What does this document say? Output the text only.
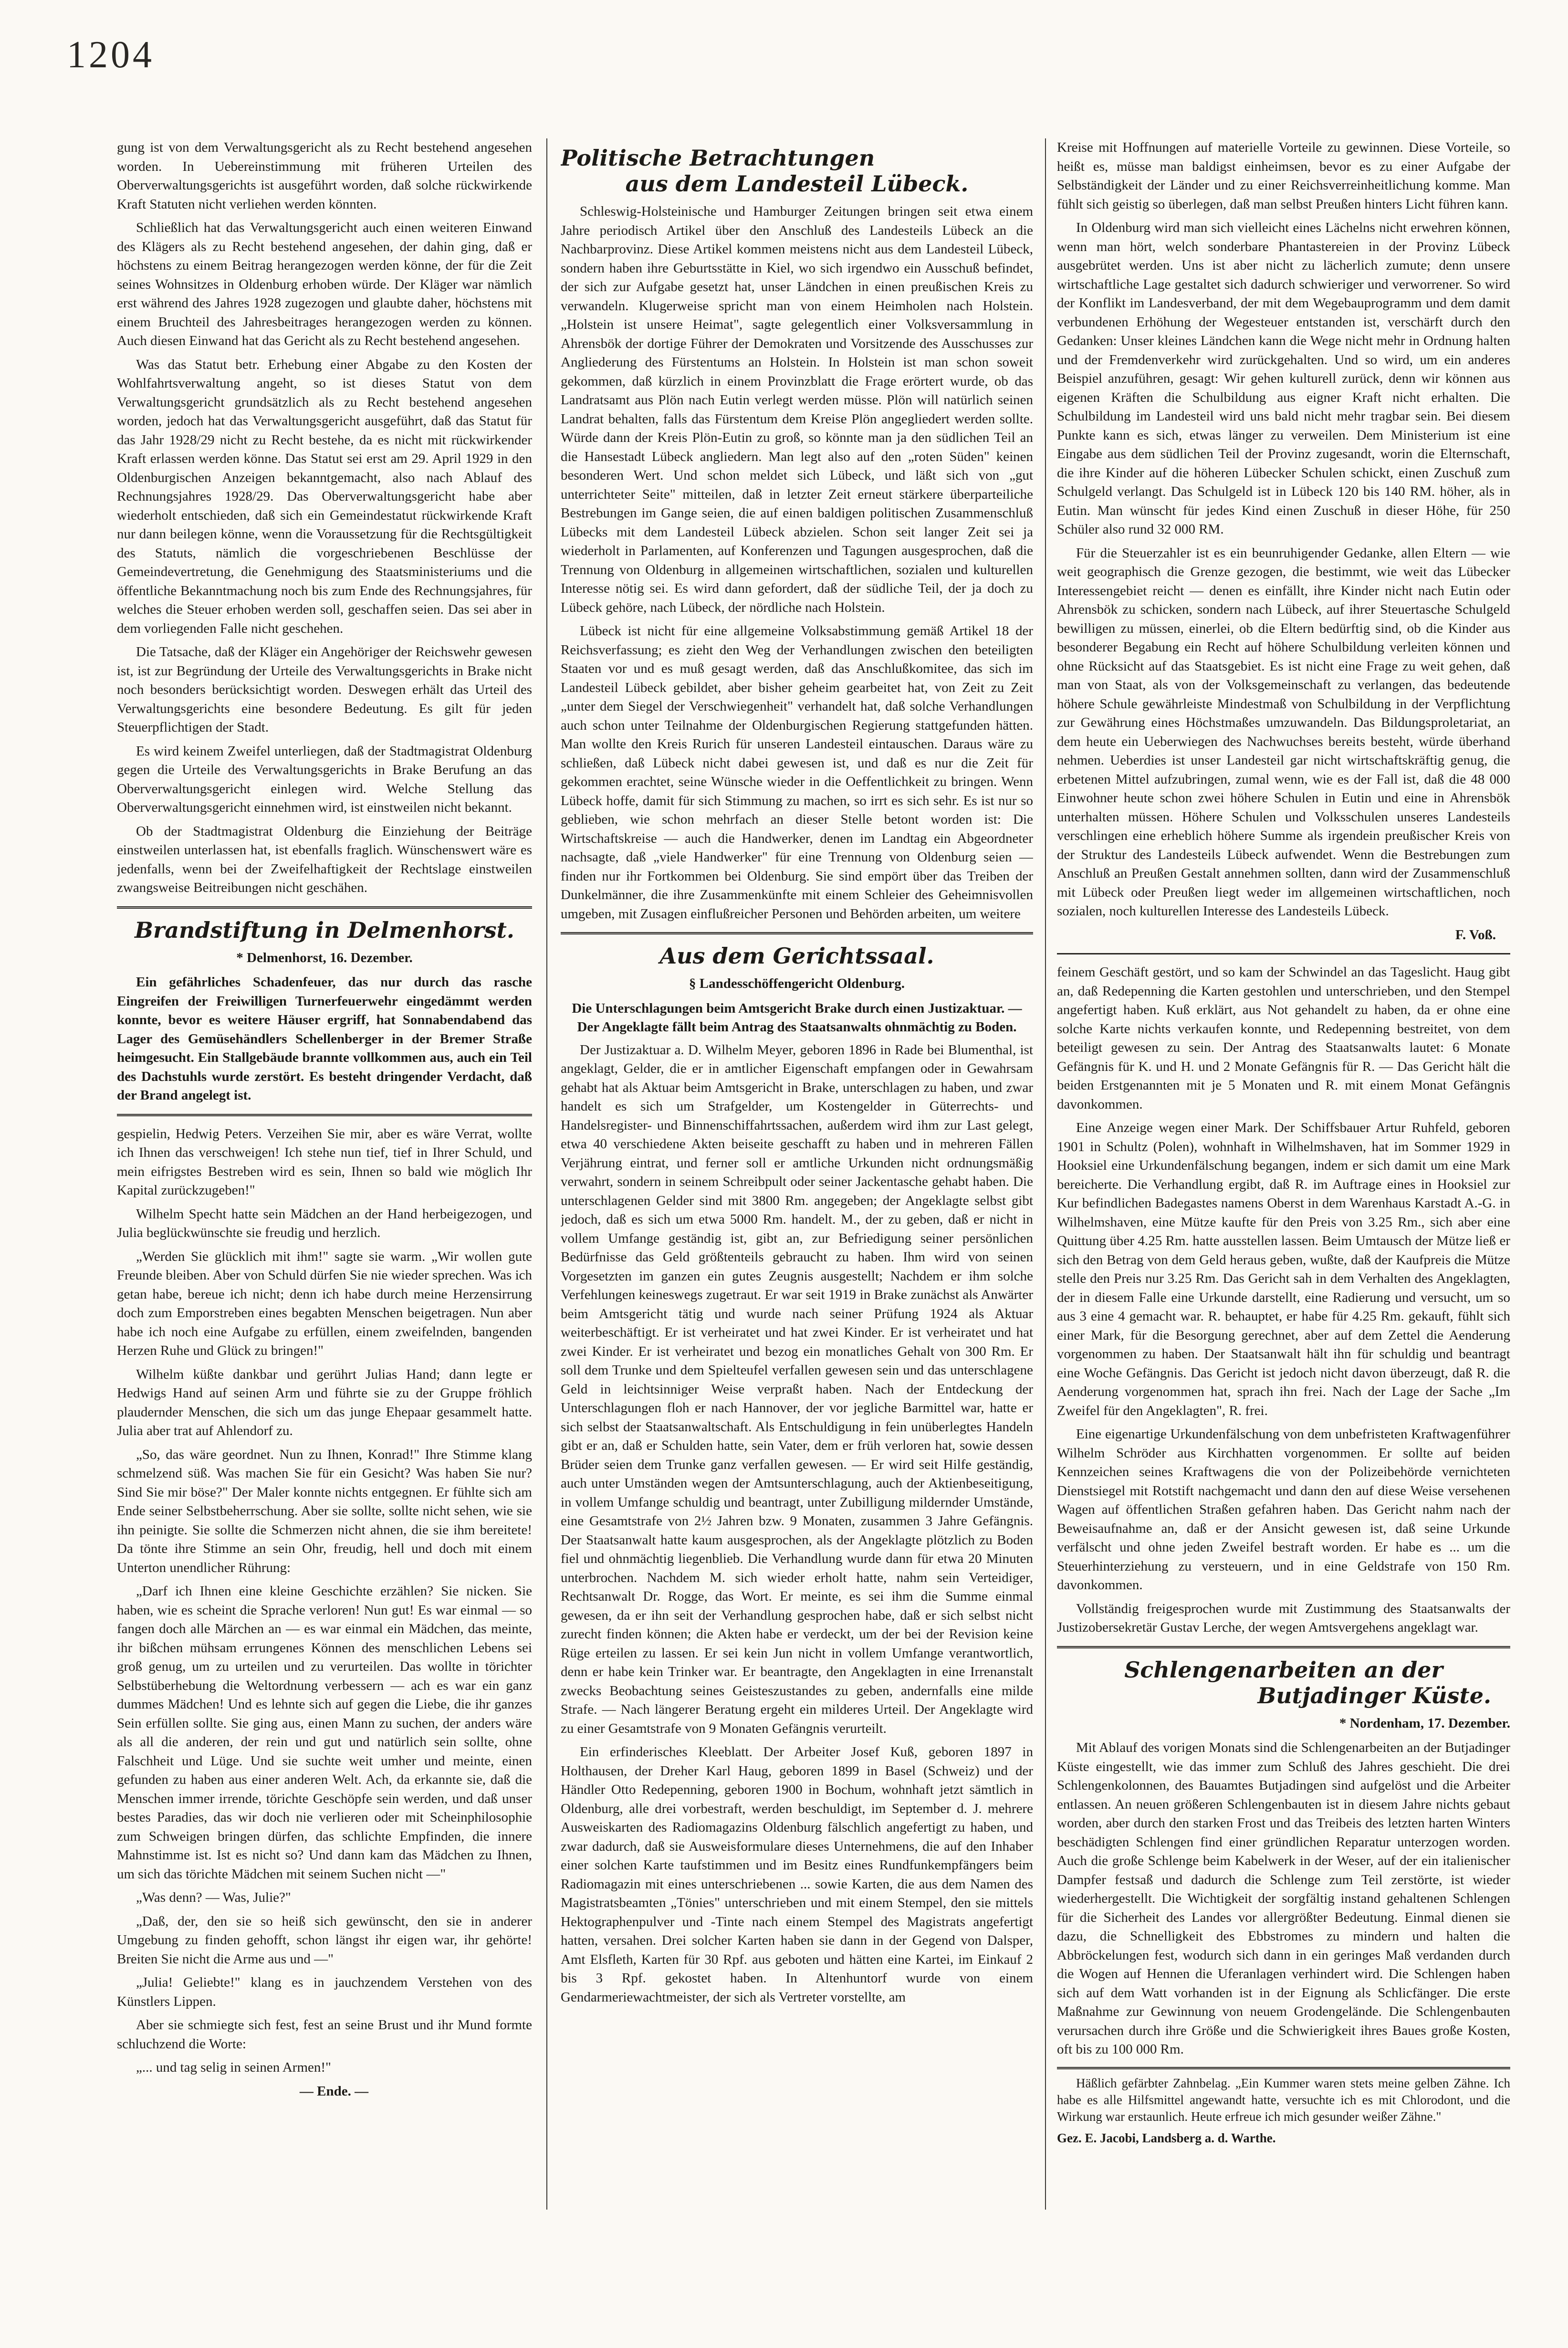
1204

gung ist von dem Verwaltungsgericht als zu Recht bestehend angesehen worden. In Uebereinstimmung mit früheren Urteilen des Oberverwaltungsgerichts ist ausgeführt worden, daß solche rückwirkende Kraft Statuten nicht verliehen werden könnten.

Schließlich hat das Verwaltungsgericht auch einen weiteren Einwand des Klägers als zu Recht bestehend angesehen, der dahin ging, daß er höchstens zu einem Beitrag herangezogen werden könne, der für die Zeit seines Wohnsitzes in Oldenburg erhoben würde. Der Kläger war nämlich erst während des Jahres 1928 zugezogen und glaubte daher, höchstens mit einem Bruchteil des Jahresbeitrages herangezogen werden zu können. Auch diesen Einwand hat das Gericht als zu Recht bestehend angesehen.

Was das Statut betr. Erhebung einer Abgabe zu den Kosten der Wohlfahrtsverwaltung angeht, so ist dieses Statut von dem Verwaltungsgericht grundsätzlich als zu Recht bestehend angesehen worden, jedoch hat das Verwaltungsgericht ausgeführt, daß das Statut für das Jahr 1928/29 nicht zu Recht bestehe, da es nicht mit rückwirkender Kraft erlassen werden könne. Das Statut sei erst am 29. April 1929 in den Oldenburgischen Anzeigen bekanntgemacht, also nach Ablauf des Rechnungsjahres 1928/29. Das Oberverwaltungsgericht habe aber wiederholt entschieden, daß sich ein Gemeindestatut rückwirkende Kraft nur dann beilegen könne, wenn die Voraussetzung für die Rechtsgültigkeit des Statuts, nämlich die vorgeschriebenen Beschlüsse der Gemeindevertretung, die Genehmigung des Staatsministeriums und die öffentliche Bekanntmachung noch bis zum Ende des Rechnungsjahres, für welches die Steuer erhoben werden soll, geschaffen seien. Das sei aber in dem vorliegenden Falle nicht geschehen.

Die Tatsache, daß der Kläger ein Angehöriger der Reichswehr gewesen ist, ist zur Begründung der Urteile des Verwaltungsgerichts in Brake nicht noch besonders berücksichtigt worden. Deswegen erhält das Urteil des Verwaltungsgerichts eine besondere Bedeutung. Es gilt für jeden Steuerpflichtigen der Stadt.

Es wird keinem Zweifel unterliegen, daß der Stadtmagistrat Oldenburg gegen die Urteile des Verwaltungsgerichts in Brake Berufung an das Oberverwaltungsgericht einlegen wird. Welche Stellung das Oberverwaltungsgericht einnehmen wird, ist einstweilen nicht bekannt.

Ob der Stadtmagistrat Oldenburg die Einziehung der Beiträge einstweilen unterlassen hat, ist ebenfalls fraglich. Wünschenswert wäre es jedenfalls, wenn bei der Zweifelhaftigkeit der Rechtslage einstweilen zwangsweise Beitreibungen nicht geschähen.

Brandstiftung in Delmenhorst.
* Delmenhorst, 16. Dezember.

Ein gefährliches Schadenfeuer, das nur durch das rasche Eingreifen der Freiwilligen Turnerfeuerwehr eingedämmt werden konnte, bevor es weitere Häuser ergriff, hat Sonnabendabend das Lager des Gemüsehändlers Schellenberger in der Bremer Straße heimgesucht. Ein Stallgebäude brannte vollkommen aus, auch ein Teil des Dachstuhls wurde zerstört. Es besteht dringender Verdacht, daß der Brand angelegt ist.

gespielin, Hedwig Peters. Verzeihen Sie mir, aber es wäre Verrat, wollte ich Ihnen das verschweigen! Ich stehe nun tief, tief in Ihrer Schuld, und mein eifrigstes Bestreben wird es sein, Ihnen so bald wie möglich Ihr Kapital zurückzugeben!"

Wilhelm Specht hatte sein Mädchen an der Hand herbeigezogen, und Julia beglückwünschte sie freudig und herzlich.

„Werden Sie glücklich mit ihm!" sagte sie warm. „Wir wollen gute Freunde bleiben. Aber von Schuld dürfen Sie nie wieder sprechen. Was ich getan habe, bereue ich nicht; denn ich habe durch meine Herzensirrung doch zum Emporstreben eines begabten Menschen beigetragen. Nun aber habe ich noch eine Aufgabe zu erfüllen, einem zweifelnden, bangenden Herzen Ruhe und Glück zu bringen!"

Wilhelm küßte dankbar und gerührt Julias Hand; dann legte er Hedwigs Hand auf seinen Arm und führte sie zu der Gruppe fröhlich plaudernder Menschen, die sich um das junge Ehepaar gesammelt hatte. Julia aber trat auf Ahlendorf zu.

„So, das wäre geordnet. Nun zu Ihnen, Konrad!" Ihre Stimme klang schmelzend süß. Was machen Sie für ein Gesicht? Was haben Sie nur? Sind Sie mir böse?" Der Maler konnte nichts entgegnen. Er fühlte sich am Ende seiner Selbstbeherrschung. Aber sie sollte, sollte nicht sehen, wie sie ihn peinigte. Sie sollte die Schmerzen nicht ahnen, die sie ihm bereitete! Da tönte ihre Stimme an sein Ohr, freudig, hell und doch mit einem Unterton unendlicher Rührung:

„Darf ich Ihnen eine kleine Geschichte erzählen? Sie nicken. Sie haben, wie es scheint die Sprache verloren! Nun gut! Es war einmal — so fangen doch alle Märchen an — es war einmal ein Mädchen, das meinte, ihr bißchen mühsam errungenes Können des menschlichen Lebens sei groß genug, um zu urteilen und zu verurteilen. Das wollte in törichter Selbstüberhebung die Weltordnung verbessern — ach es war ein ganz dummes Mädchen! Und es lehnte sich auf gegen die Liebe, die ihr ganzes Sein erfüllen sollte. Sie ging aus, einen Mann zu suchen, der anders wäre als all die anderen, der rein und gut und natürlich sein sollte, ohne Falschheit und Lüge. Und sie suchte weit umher und meinte, einen gefunden zu haben aus einer anderen Welt. Ach, da erkannte sie, daß die Menschen immer irrende, törichte Geschöpfe sein werden, und daß unser bestes Paradies, das wir doch nie verlieren oder mit Scheinphilosophie zum Schweigen bringen dürfen, das schlichte Empfinden, die innere Mahnstimme ist. Ist es nicht so? Und dann kam das Mädchen zu Ihnen, um sich das törichte Mädchen mit seinem Suchen nicht —"

„Was denn? — Was, Julie?"

„Daß, der, den sie so heiß sich gewünscht, den sie in anderer Umgebung zu finden gehofft, schon längst ihr eigen war, ihr gehörte! Breiten Sie nicht die Arme aus und —"

„Julia! Geliebte!" klang es in jauchzendem Verstehen von des Künstlers Lippen.

Aber sie schmiegte sich fest, fest an seine Brust und ihr Mund formte schluchzend die Worte:

„... und tag selig in seinen Armen!"

— Ende. —

Politische Betrachtungen
aus dem Landesteil Lübeck.

Schleswig-Holsteinische und Hamburger Zeitungen bringen seit etwa einem Jahre periodisch Artikel über den Anschluß des Landesteils Lübeck an die Nachbarprovinz. Diese Artikel kommen meistens nicht aus dem Landesteil Lübeck, sondern haben ihre Geburtsstätte in Kiel, wo sich irgendwo ein Ausschuß befindet, der sich zur Aufgabe gesetzt hat, unser Ländchen in einen preußischen Kreis zu verwandeln. Klugerweise spricht man von einem Heimholen nach Holstein. „Holstein ist unsere Heimat", sagte gelegentlich einer Volksversammlung in Ahrensbök der dortige Führer der Demokraten und Vorsitzende des Ausschusses zur Angliederung des Fürstentums an Holstein. In Holstein ist man schon soweit gekommen, daß kürzlich in einem Provinzblatt die Frage erörtert wurde, ob das Landratsamt aus Plön nach Eutin verlegt werden müsse. Plön will natürlich seinen Landrat behalten, falls das Fürstentum dem Kreise Plön angegliedert werden sollte. Würde dann der Kreis Plön-Eutin zu groß, so könnte man ja den südlichen Teil an die Hansestadt Lübeck angliedern. Man legt also auf den „roten Süden" keinen besonderen Wert. Und schon meldet sich Lübeck, und läßt sich von „gut unterrichteter Seite" mitteilen, daß in letzter Zeit erneut stärkere überparteiliche Bestrebungen im Gange seien, die auf einen baldigen politischen Zusammenschluß Lübecks mit dem Landesteil Lübeck abzielen. Schon seit langer Zeit sei ja wiederholt in Parlamenten, auf Konferenzen und Tagungen ausgesprochen, daß die Trennung von Oldenburg in allgemeinen wirtschaftlichen, sozialen und kulturellen Interesse nötig sei. Es wird dann gefordert, daß der südliche Teil, der ja doch zu Lübeck gehöre, nach Lübeck, der nördliche nach Holstein.

Lübeck ist nicht für eine allgemeine Volksabstimmung gemäß Artikel 18 der Reichsverfassung; es zieht den Weg der Verhandlungen zwischen den beteiligten Staaten vor und es muß gesagt werden, daß das Anschlußkomitee, das sich im Landesteil Lübeck gebildet, aber bisher geheim gearbeitet hat, von Zeit zu Zeit „unter dem Siegel der Verschwiegenheit" verhandelt hat, daß solche Verhandlungen auch schon unter Teilnahme der Oldenburgischen Regierung stattgefunden hätten. Man wollte den Kreis Rurich für unseren Landesteil eintauschen. Daraus wäre zu schließen, daß Lübeck nicht dabei gewesen ist, und daß es nur die Zeit für gekommen erachtet, seine Wünsche wieder in die Oeffentlichkeit zu bringen. Wenn Lübeck hoffe, damit für sich Stimmung zu machen, so irrt es sich sehr. Es ist nur so geblieben, wie schon mehrfach an dieser Stelle betont worden ist: Die Wirtschaftskreise — auch die Handwerker, denen im Landtag ein Abgeordneter nachsagte, daß „viele Handwerker" für eine Trennung von Oldenburg seien — finden nur ihr Fortkommen bei Oldenburg. Sie sind empört über das Treiben der Dunkelmänner, die ihre Zusammenkünfte mit einem Schleier des Geheimnisvollen umgeben, mit Zusagen einflußreicher Personen und Behörden arbeiten, um weitere

Aus dem Gerichtssaal.
§ Landesschöffengericht Oldenburg.
Die Unterschlagungen beim Amtsgericht Brake durch einen Justizaktuar. — Der Angeklagte fällt beim Antrag des Staatsanwalts ohnmächtig zu Boden.

Der Justizaktuar a. D. Wilhelm Meyer, geboren 1896 in Rade bei Blumenthal, ist angeklagt, Gelder, die er in amtlicher Eigenschaft empfangen oder in Gewahrsam gehabt hat als Aktuar beim Amtsgericht in Brake, unterschlagen zu haben, und zwar handelt es sich um Strafgelder, um Kostengelder in Güterrechts- und Handelsregister- und Binnenschiffahrtssachen, außerdem wird ihm zur Last gelegt, etwa 40 verschiedene Akten beiseite geschafft zu haben und in mehreren Fällen Verjährung eintrat, und ferner soll er amtliche Urkunden nicht ordnungsmäßig verwahrt, sondern in seinem Schreibpult oder seiner Jackentasche gehabt haben. Die unterschlagenen Gelder sind mit 3800 Rm. angegeben; der Angeklagte selbst gibt jedoch, daß es sich um etwa 5000 Rm. handelt. M., der zu geben, daß er nicht in vollem Umfange geständig ist, gibt an, zur Befriedigung seiner persönlichen Bedürfnisse das Geld größtenteils gebraucht zu haben. Ihm wird von seinen Vorgesetzten im ganzen ein gutes Zeugnis ausgestellt; Nachdem er ihm solche Verfehlungen keineswegs zugetraut. Er war seit 1919 in Brake zunächst als Anwärter beim Amtsgericht tätig und wurde nach seiner Prüfung 1924 als Aktuar weiterbeschäftigt. Er ist verheiratet und hat zwei Kinder. Er ist verheiratet und hat zwei Kinder. Er ist verheiratet und bezog ein monatliches Gehalt von 300 Rm. Er soll dem Trunke und dem Spielteufel verfallen gewesen sein und das unterschlagene Geld in leichtsinniger Weise verpraßt haben. Nach der Entdeckung der Unterschlagungen floh er nach Hannover, der vor jegliche Barmittel war, hatte er sich selbst der Staatsanwaltschaft. Als Entschuldigung in fein unüberlegtes Handeln gibt er an, daß er Schulden hatte, sein Vater, dem er früh verloren hat, sowie dessen Brüder seien dem Trunke ganz verfallen gewesen. — Er wird seit Hilfe geständig, auch unter Umständen wegen der Amtsunterschlagung, auch der Aktienbeseitigung, in vollem Umfange schuldig und beantragt, unter Zubilligung mildernder Umstände, eine Gesamtstrafe von 2½ Jahren bzw. 9 Monaten, zusammen 3 Jahre Gefängnis. Der Staatsanwalt hatte kaum ausgesprochen, als der Angeklagte plötzlich zu Boden fiel und ohnmächtig liegenblieb. Die Verhandlung wurde dann für etwa 20 Minuten unterbrochen. Nachdem M. sich wieder erholt hatte, nahm sein Verteidiger, Rechtsanwalt Dr. Rogge, das Wort. Er meinte, es sei ihm die Summe einmal gewesen, da er ihn seit der Verhandlung gesprochen habe, daß er sich selbst nicht zurecht finden können; die Akten habe er verdeckt, um der bei der Revision keine Rüge erteilen zu lassen. Er sei kein Jun nicht in vollem Umfange verantwortlich, denn er habe kein Trinker war. Er beantragte, den Angeklagten in eine Irrenanstalt zwecks Beobachtung seines Geisteszustandes zu geben, andernfalls eine milde Strafe. — Nach längerer Beratung ergeht ein milderes Urteil. Der Angeklagte wird zu einer Gesamtstrafe von 9 Monaten Gefängnis verurteilt.

Ein erfinderisches Kleeblatt. Der Arbeiter Josef Kuß, geboren 1897 in Holthausen, der Dreher Karl Haug, geboren 1899 in Basel (Schweiz) und der Händler Otto Redepenning, geboren 1900 in Bochum, wohnhaft jetzt sämtlich in Oldenburg, alle drei vorbestraft, werden beschuldigt, im September d. J. mehrere Ausweiskarten des Radiomagazins Oldenburg fälschlich angefertigt zu haben, und zwar dadurch, daß sie Ausweisformulare dieses Unternehmens, die auf den Inhaber einer solchen Karte taufstimmen und im Besitz eines Rundfunkempfängers beim Radiomagazin mit eines unterschriebenen ... sowie Karten, die aus dem Namen des Magistratsbeamten „Tönies" unterschrieben und mit einem Stempel, den sie mittels Hektographenpulver und -Tinte nach einem Stempel des Magistrats angefertigt hatten, versahen. Drei solcher Karten haben sie dann in der Gegend von Dalsper, Amt Elsfleth, Karten für 30 Rpf. aus geboten und hätten eine Kartei, im Einkauf 2 bis 3 Rpf. gekostet haben. In Altenhuntorf wurde von einem Gendarmeriewachtmeister, der sich als Vertreter vorstellte, am

Kreise mit Hoffnungen auf materielle Vorteile zu gewinnen. Diese Vorteile, so heißt es, müsse man baldigst einheimsen, bevor es zu einer Aufgabe der Selbständigkeit der Länder und zu einer Reichsverreinheitlichung komme. Man fühlt sich geistig so überlegen, daß man selbst Preußen hinters Licht führen kann.

In Oldenburg wird man sich vielleicht eines Lächelns nicht erwehren können, wenn man hört, welch sonderbare Phantastereien in der Provinz Lübeck ausgebrütet werden. Uns ist aber nicht zu lächerlich zumute; denn unsere wirtschaftliche Lage gestaltet sich dadurch schwieriger und verworrener. So wird der Konflikt im Landesverband, der mit dem Wegebauprogramm und dem damit verbundenen Erhöhung der Wegesteuer entstanden ist, verschärft durch den Gedanken: Unser kleines Ländchen kann die Wege nicht mehr in Ordnung halten und der Fremdenverkehr wird zurückgehalten. Und so wird, um ein anderes Beispiel anzuführen, gesagt: Wir gehen kulturell zurück, denn wir können aus eigenen Kräften die Schulbildung aus eigner Kraft nicht erhalten. Die Schulbildung im Landesteil wird uns bald nicht mehr tragbar sein. Bei diesem Punkte kann es sich, etwas länger zu verweilen. Dem Ministerium ist eine Eingabe aus dem südlichen Teil der Provinz zugesandt, worin die Elternschaft, die ihre Kinder auf die höheren Lübecker Schulen schickt, einen Zuschuß zum Schulgeld verlangt. Das Schulgeld ist in Lübeck 120 bis 140 RM. höher, als in Eutin. Man wünscht für jedes Kind einen Zuschuß in dieser Höhe, für 250 Schüler also rund 32 000 RM.

Für die Steuerzahler ist es ein beunruhigender Gedanke, allen Eltern — wie weit geographisch die Grenze gezogen, die bestimmt, wie weit das Lübecker Interessengebiet reicht — denen es einfällt, ihre Kinder nicht nach Eutin oder Ahrensbök zu schicken, sondern nach Lübeck, auf ihrer Steuertasche Schulgeld bewilligen zu müssen, einerlei, ob die Eltern bedürftig sind, ob die Kinder aus besonderer Begabung ein Recht auf höhere Schulbildung verleiten können und ohne Rücksicht auf das Staatsgebiet. Es ist nicht eine Frage zu weit gehen, daß man von Staat, als von der Volksgemeinschaft zu verlangen, das bedeutende höhere Schule gewährleiste Mindestmaß von Schulbildung in der Verpflichtung zur Gewährung eines Höchstmaßes umzuwandeln. Das Bildungsproletariat, an dem heute ein Ueberwiegen des Nachwuchses bereits besteht, würde überhand nehmen. Ueberdies ist unser Landesteil gar nicht wirtschaftskräftig genug, die erbetenen Mittel aufzubringen, zumal wenn, wie es der Fall ist, daß die 48 000 Einwohner heute schon zwei höhere Schulen in Eutin und eine in Ahrensbök unterhalten müssen. Höhere Schulen und Volksschulen unseres Landesteils verschlingen eine erheblich höhere Summe als irgendein preußischer Kreis von der Struktur des Landesteils Lübeck aufwendet. Wenn die Bestrebungen zum Anschluß an Preußen Gestalt annehmen sollten, dann wird der Zusammenschluß mit Lübeck oder Preußen liegt weder im allgemeinen wirtschaftlichen, noch sozialen, noch kulturellen Interesse des Landesteils Lübeck.

F. Voß.

feinem Geschäft gestört, und so kam der Schwindel an das Tageslicht. Haug gibt an, daß Redepenning die Karten gestohlen und unterschrieben, und den Stempel angefertigt haben. Kuß erklärt, aus Not gehandelt zu haben, da er ohne eine solche Karte nichts verkaufen konnte, und Redepenning bestreitet, von dem beteiligt gewesen zu sein. Der Antrag des Staatsanwalts lautet: 6 Monate Gefängnis für K. und H. und 2 Monate Gefängnis für R. — Das Gericht hält die beiden Erstgenannten mit je 5 Monaten und R. mit einem Monat Gefängnis davonkommen.

Eine Anzeige wegen einer Mark. Der Schiffsbauer Artur Ruhfeld, geboren 1901 in Schultz (Polen), wohnhaft in Wilhelmshaven, hat im Sommer 1929 in Hooksiel eine Urkundenfälschung begangen, indem er sich damit um eine Mark bereicherte. Die Verhandlung ergibt, daß R. im Auftrage eines in Hooksiel zur Kur befindlichen Badegastes namens Oberst in dem Warenhaus Karstadt A.-G. in Wilhelmshaven, eine Mütze kaufte für den Preis von 3.25 Rm., sich aber eine Quittung über 4.25 Rm. hatte ausstellen lassen. Beim Umtausch der Mütze ließ er sich den Betrag von dem Geld heraus geben, wußte, daß der Kaufpreis die Mütze stelle den Preis nur 3.25 Rm. Das Gericht sah in dem Verhalten des Angeklagten, der in diesem Falle eine Urkunde darstellt, eine Radierung und versucht, um so aus 3 eine 4 gemacht war. R. behauptet, er habe für 4.25 Rm. gekauft, fühlt sich einer Mark, für die Besorgung gerechnet, aber auf dem Zettel die Aenderung vorgenommen zu haben. Der Staatsanwalt hält ihn für schuldig und beantragt eine Woche Gefängnis. Das Gericht ist jedoch nicht davon überzeugt, daß R. die Aenderung vorgenommen hat, sprach ihn frei. Nach der Lage der Sache „Im Zweifel für den Angeklagten", R. frei.

Eine eigenartige Urkundenfälschung von dem unbefristeten Kraftwagenführer Wilhelm Schröder aus Kirchhatten vorgenommen. Er sollte auf beiden Kennzeichen seines Kraftwagens die von der Polizeibehörde vernichteten Dienstsiegel mit Rotstift nachgemacht und dann den auf diese Weise versehenen Wagen auf öffentlichen Straßen gefahren haben. Das Gericht nahm nach der Beweisaufnahme an, daß er der Ansicht gewesen ist, daß seine Urkunde verfälscht und ohne jeden Zweifel bestraft worden. Er habe es ... um die Steuerhinterziehung zu versteuern, und in eine Geldstrafe von 150 Rm. davonkommen.

Vollständig freigesprochen wurde mit Zustimmung des Staatsanwalts der Justizobersekretär Gustav Lerche, der wegen Amtsvergehens angeklagt war.

Schlengenarbeiten an der
Butjadinger Küste.
* Nordenham, 17. Dezember.

Mit Ablauf des vorigen Monats sind die Schlengenarbeiten an der Butjadinger Küste eingestellt, wie das immer zum Schluß des Jahres geschieht. Die drei Schlengenkolonnen, des Bauamtes Butjadingen sind aufgelöst und die Arbeiter entlassen. An neuen größeren Schlengenbauten ist in diesem Jahre nichts gebaut worden, aber durch den starken Frost und das Treibeis des letzten harten Winters beschädigten Schlengen find einer gründlichen Reparatur unterzogen worden. Auch die große Schlenge beim Kabelwerk in der Weser, auf der ein italienischer Dampfer festsaß und dadurch die Schlenge zum Teil zerstörte, ist wieder wiederhergestellt. Die Wichtigkeit der sorgfältig instand gehaltenen Schlengen für die Sicherheit des Landes vor allergrößter Bedeutung. Einmal dienen sie dazu, die Schnelligkeit des Ebbstromes zu mindern und halten die Abbröckelungen fest, wodurch sich dann in ein geringes Maß verdanden durch die Wogen auf Hennen die Uferanlagen verhindert wird. Die Schlengen haben sich auf dem Watt vorhanden ist in der Eignung als Schlicfänger. Die erste Maßnahme zur Gewinnung von neuem Grodengelände. Die Schlengenbauten verursachen durch ihre Größe und die Schwierigkeit ihres Baues große Kosten, oft bis zu 100 000 Rm.

Häßlich gefärbter Zahnbelag. „Ein Kummer waren stets meine gelben Zähne. Ich habe es alle Hilfsmittel angewandt hatte, versuchte ich es mit Chlorodont, und die Wirkung war erstaunlich. Heute erfreue ich mich gesunder weißer Zähne."

Gez. E. Jacobi, Landsberg a. d. Warthe.
